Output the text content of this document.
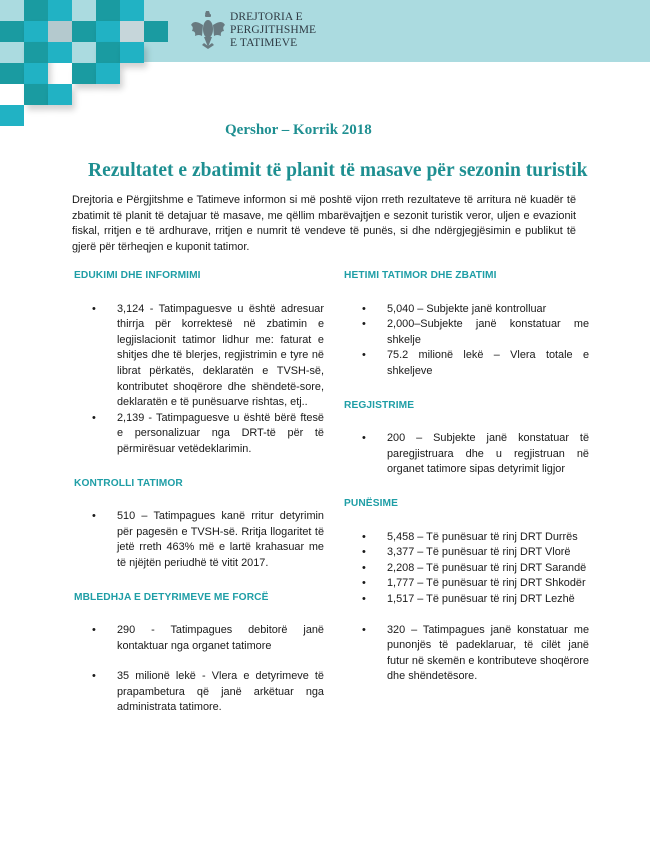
DREJTORIA E
PERGJITHSHME
E TATIMEVE
Qershor – Korrik 2018
Rezultatet e zbatimit të planit të masave për sezonin turistik

Drejtoria e Përgjitshme e Tatimeve informon si më poshtë vijon rreth rezultateve të arritura në kuadër të zbatimit të planit të detajuar të masave, me qëllim mbarëvajtjen e sezonit turistik veror, uljen e evazionit fiskal, rritjen e të ardhurave, rritjen e numrit të vendeve të punës, si dhe ndërgjegjësimin e publikut të gjerë për tërheqjen e kuponit tatimor.

EDUKIMI DHE INFORMIMI
• 3,124 - Tatimpaguesve u është adresuar thirrja për korrektesë në zbatimin e legjislacionit tatimor lidhur me: faturat e shitjes dhe të blerjes, regjistrimin e tyre në librat përkatës, deklaratën e TVSH-së, kontributet shoqërore dhe shëndetë-sore, deklaratën e të punësuarve rishtas, etj..
• 2,139 - Tatimpaguesve u është bërë ftesë e personalizuar nga DRT-të për të përmirësuar vetëdeklarimin.
KONTROLLI TATIMOR
• 510 – Tatimpagues kanë rritur detyrimin për pagesën e TVSH-së. Rritja llogaritet të jetë rreth 463% më e lartë krahasuar me të njëjtën periudhë të vitit 2017.
MBLEDHJA E DETYRIMEVE ME FORCË
• 290 - Tatimpagues debitorë janë kontaktuar nga organet tatimore
• 35 milionë lekë - Vlera e detyrimeve të prapambetura që janë arkëtuar nga administrata tatimore.
HETIMI TATIMOR DHE ZBATIMI
• 5,040 – Subjekte janë kontrolluar
• 2,000–Subjekte janë konstatuar me shkelje
• 75.2 milionë lekë – Vlera totale e shkeljeve
REGJISTRIME
• 200 – Subjekte janë konstatuar të paregjistruara dhe u regjistruan në organet tatimore sipas detyrimit ligjor
PUNËSIME
• 5,458 – Të punësuar të rinj DRT Durrës
• 3,377 – Të punësuar të rinj DRT Vlorë
• 2,208 – Të punësuar të rinj DRT Sarandë
• 1,777 – Të punësuar të rinj DRT Shkodër
• 1,517 – Të punësuar të rinj DRT Lezhë
• 320 – Tatimpagues janë konstatuar me punonjës të padeklaruar, të cilët janë futur në skemën e kontributeve shoqërore dhe shëndetësore.
